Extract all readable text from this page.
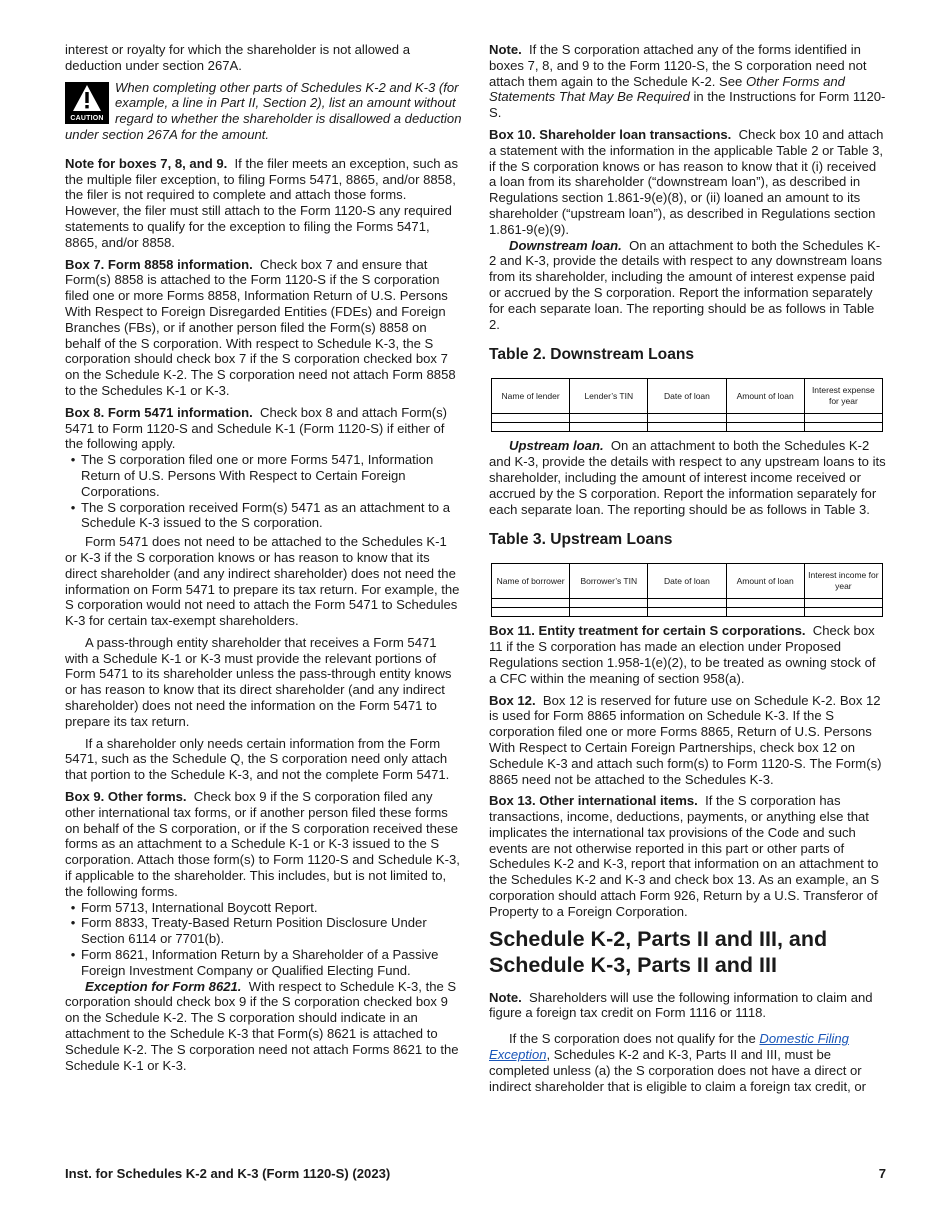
interest or royalty for which the shareholder is not allowed a deduction under section 267A.

CAUTION
When completing other parts of Schedules K-2 and K-3 (for example, a line in Part II, Section 2), list an amount without regard to whether the shareholder is disallowed a deduction under section 267A for the amount.

Note for boxes 7, 8, and 9. If the filer meets an exception, such as the multiple filer exception, to filing Forms 5471, 8865, and/or 8858, the filer is not required to complete and attach those forms. However, the filer must still attach to the Form 1120-S any required statements to qualify for the exception to filing the Forms 5471, 8865, and/or 8858.

Box 7. Form 8858 information. Check box 7 and ensure that Form(s) 8858 is attached to the Form 1120-S if the S corporation filed one or more Forms 8858, Information Return of U.S. Persons With Respect to Foreign Disregarded Entities (FDEs) and Foreign Branches (FBs), or if another person filed the Form(s) 8858 on behalf of the S corporation. With respect to Schedule K-3, the S corporation should check box 7 if the S corporation checked box 7 on the Schedule K-2. The S corporation need not attach Form 8858 to the Schedules K-1 or K-3.

Box 8. Form 5471 information. Check box 8 and attach Form(s) 5471 to Form 1120-S and Schedule K-1 (Form 1120-S) if either of the following apply.

• The S corporation filed one or more Forms 5471, Information Return of U.S. Persons With Respect to Certain Foreign Corporations.

• The S corporation received Form(s) 5471 as an attachment to a Schedule K-3 issued to the S corporation.

Form 5471 does not need to be attached to the Schedules K-1 or K-3 if the S corporation knows or has reason to know that its direct shareholder (and any indirect shareholder) does not need the information on Form 5471 to prepare its tax return. For example, the S corporation would not need to attach the Form 5471 to Schedules K-3 for certain tax-exempt shareholders.

A pass-through entity shareholder that receives a Form 5471 with a Schedule K-1 or K-3 must provide the relevant portions of Form 5471 to its shareholder unless the pass-through entity knows or has reason to know that its direct shareholder (and any indirect shareholder) does not need the information on the Form 5471 to prepare its tax return.

If a shareholder only needs certain information from the Form 5471, such as the Schedule Q, the S corporation need only attach that portion to the Schedule K-3, and not the complete Form 5471.

Box 9. Other forms. Check box 9 if the S corporation filed any other international tax forms, or if another person filed these forms on behalf of the S corporation, or if the S corporation received these forms as an attachment to a Schedule K-1 or K-3 issued to the S corporation. Attach those form(s) to Form 1120-S and Schedule K-3, if applicable to the shareholder. This includes, but is not limited to, the following forms.

• Form 5713, International Boycott Report.

• Form 8833, Treaty-Based Return Position Disclosure Under Section 6114 or 7701(b).

• Form 8621, Information Return by a Shareholder of a Passive Foreign Investment Company or Qualified Electing Fund.

Exception for Form 8621. With respect to Schedule K-3, the S corporation should check box 9 if the S corporation checked box 9 on the Schedule K-2. The S corporation should indicate in an attachment to the Schedule K-3 that Form(s) 8621 is attached to Schedule K-2. The S corporation need not attach Forms 8621 to the Schedule K-1 or K-3.

Note. If the S corporation attached any of the forms identified in boxes 7, 8, and 9 to the Form 1120-S, the S corporation need not attach them again to the Schedule K-2. See Other Forms and Statements That May Be Required in the Instructions for Form 1120-S.

Box 10. Shareholder loan transactions. Check box 10 and attach a statement with the information in the applicable Table 2 or Table 3, if the S corporation knows or has reason to know that it (i) received a loan from its shareholder (“downstream loan”), as described in Regulations section 1.861-9(e)(8), or (ii) loaned an amount to its shareholder (“upstream loan”), as described in Regulations section 1.861-9(e)(9).

Downstream loan. On an attachment to both the Schedules K-2 and K-3, provide the details with respect to any downstream loans from its shareholder, including the amount of interest expense paid or accrued by the S corporation. Report the information separately for each separate loan. The reporting should be as follows in Table 2.

Table 2. Downstream Loans
Name of lender	Lender’s TIN	Date of loan	Amount of loan	Interest expense for year

Upstream loan. On an attachment to both the Schedules K-2 and K-3, provide the details with respect to any upstream loans to its shareholder, including the amount of interest income received or accrued by the S corporation. Report the information separately for each separate loan. The reporting should be as follows in Table 3.

Table 3. Upstream Loans
Name of borrower	Borrower’s TIN	Date of loan	Amount of loan	Interest income for year

Box 11. Entity treatment for certain S corporations. Check box 11 if the S corporation has made an election under Proposed Regulations section 1.958-1(e)(2), to be treated as owning stock of a CFC within the meaning of section 958(a).

Box 12. Box 12 is reserved for future use on Schedule K-2. Box 12 is used for Form 8865 information on Schedule K-3. If the S corporation filed one or more Forms 8865, Return of U.S. Persons With Respect to Certain Foreign Partnerships, check box 12 on Schedule K-3 and attach such form(s) to Form 1120-S. The Form(s) 8865 need not be attached to the Schedules K-3.

Box 13. Other international items. If the S corporation has transactions, income, deductions, payments, or anything else that implicates the international tax provisions of the Code and such events are not otherwise reported in this part or other parts of Schedules K-2 and K-3, report that information on an attachment to the Schedules K-2 and K-3 and check box 13. As an example, an S corporation should attach Form 926, Return by a U.S. Transferor of Property to a Foreign Corporation.

Schedule K-2, Parts II and III, and Schedule K-3, Parts II and III

Note. Shareholders will use the following information to claim and figure a foreign tax credit on Form 1116 or 1118.

If the S corporation does not qualify for the Domestic Filing Exception, Schedules K-2 and K-3, Parts II and III, must be completed unless (a) the S corporation does not have a direct or indirect shareholder that is eligible to claim a foreign tax credit, or

Inst. for Schedules K-2 and K-3 (Form 1120-S) (2023)	7
